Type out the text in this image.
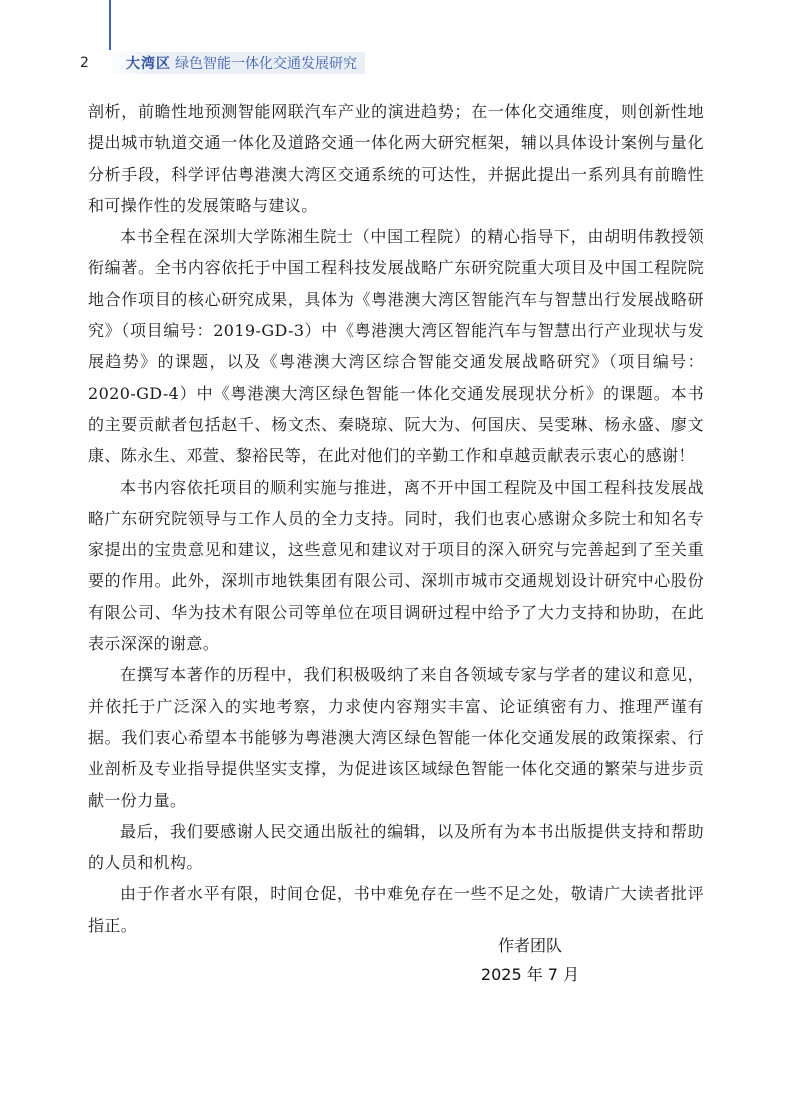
2	大湾区 绿色智能一体化交通发展研究

剖析，前瞻性地预测智能网联汽车产业的演进趋势；在一体化交通维度，则创新性地提出城市轨道交通一体化及道路交通一体化两大研究框架，辅以具体设计案例与量化分析手段，科学评估粤港澳大湾区交通系统的可达性，并据此提出一系列具有前瞻性和可操作性的发展策略与建议。

本书全程在深圳大学陈湘生院士（中国工程院）的精心指导下，由胡明伟教授领衔编著。全书内容依托于中国工程科技发展战略广东研究院重大项目及中国工程院院地合作项目的核心研究成果，具体为《粤港澳大湾区智能汽车与智慧出行发展战略研究》（项目编号：2019-GD-3）中《粤港澳大湾区智能汽车与智慧出行产业现状与发展趋势》的课题，以及《粤港澳大湾区综合智能交通发展战略研究》（项目编号：2020-GD-4）中《粤港澳大湾区绿色智能一体化交通发展现状分析》的课题。本书的主要贡献者包括赵千、杨文杰、秦晓琼、阮大为、何国庆、吴雯琳、杨永盛、廖文康、陈永生、邓萱、黎裕民等，在此对他们的辛勤工作和卓越贡献表示衷心的感谢！

本书内容依托项目的顺利实施与推进，离不开中国工程院及中国工程科技发展战略广东研究院领导与工作人员的全力支持。同时，我们也衷心感谢众多院士和知名专家提出的宝贵意见和建议，这些意见和建议对于项目的深入研究与完善起到了至关重要的作用。此外，深圳市地铁集团有限公司、深圳市城市交通规划设计研究中心股份有限公司、华为技术有限公司等单位在项目调研过程中给予了大力支持和协助，在此表示深深的谢意。

在撰写本著作的历程中，我们积极吸纳了来自各领域专家与学者的建议和意见，并依托于广泛深入的实地考察，力求使内容翔实丰富、论证缜密有力、推理严谨有据。我们衷心希望本书能够为粤港澳大湾区绿色智能一体化交通发展的政策探索、行业剖析及专业指导提供坚实支撑，为促进该区域绿色智能一体化交通的繁荣与进步贡献一份力量。

最后，我们要感谢人民交通出版社的编辑，以及所有为本书出版提供支持和帮助的人员和机构。

由于作者水平有限，时间仓促，书中难免存在一些不足之处，敬请广大读者批评指正。

作者团队
2025 年 7 月
